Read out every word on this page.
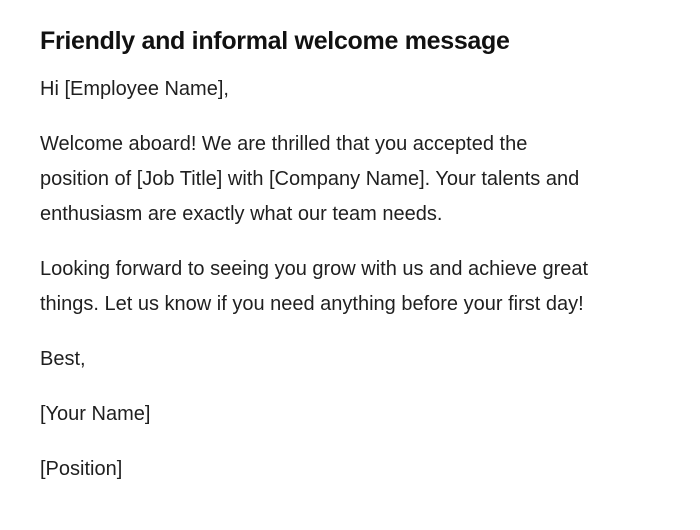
Friendly and informal welcome message

Hi [Employee Name],

Welcome aboard! We are thrilled that you accepted the
position of [Job Title] with [Company Name]. Your talents and
enthusiasm are exactly what our team needs.

Looking forward to seeing you grow with us and achieve great
things. Let us know if you need anything before your first day!

Best,

[Your Name]

[Position]
